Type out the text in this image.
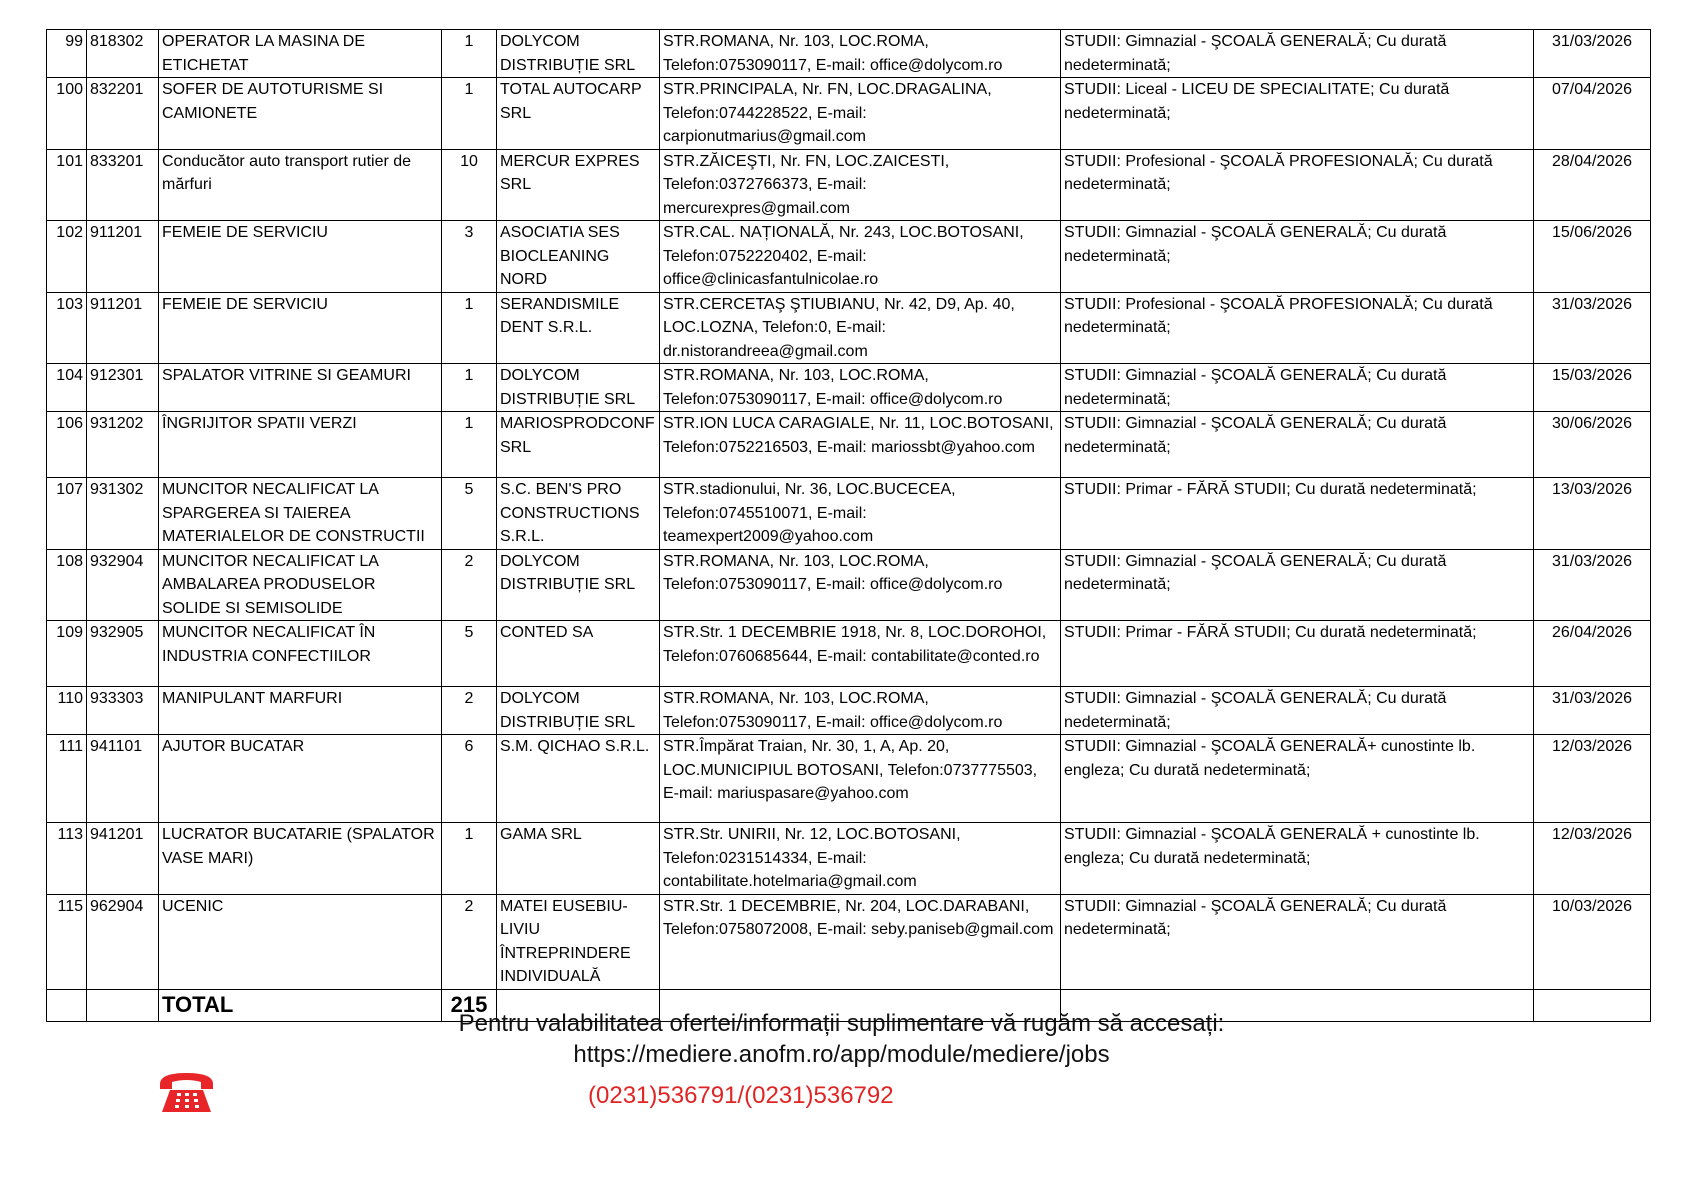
99	818302	OPERATOR LA MASINA DE ETICHETAT	1	DOLYCOM DISTRIBUȚIE SRL	STR.ROMANA, Nr. 103, LOC.ROMA, Telefon:0753090117, E-mail: office@dolycom.ro	STUDII: Gimnazial - ŞCOALĂ GENERALĂ; Cu durată nedeterminată;	31/03/2026
100	832201	SOFER DE AUTOTURISME SI CAMIONETE	1	TOTAL AUTOCARP SRL	STR.PRINCIPALA, Nr. FN, LOC.DRAGALINA, Telefon:0744228522, E-mail: carpionutmarius@gmail.com	STUDII: Liceal - LICEU DE SPECIALITATE; Cu durată nedeterminată;	07/04/2026
101	833201	Conducător auto transport rutier de mărfuri	10	MERCUR EXPRES SRL	STR.ZĂICEŞTI, Nr. FN, LOC.ZAICESTI, Telefon:0372766373, E-mail: mercurexpres@gmail.com	STUDII: Profesional - ŞCOALĂ PROFESIONALĂ; Cu durată nedeterminată;	28/04/2026
102	911201	FEMEIE DE SERVICIU	3	ASOCIATIA SES BIOCLEANING NORD	STR.CAL. NAȚIONALĂ, Nr. 243, LOC.BOTOSANI, Telefon:0752220402, E-mail: office@clinicasfantulnicolae.ro	STUDII: Gimnazial - ŞCOALĂ GENERALĂ; Cu durată nedeterminată;	15/06/2026
103	911201	FEMEIE DE SERVICIU	1	SERANDISMILE DENT S.R.L.	STR.CERCETAŞ ŞTIUBIANU, Nr. 42, D9, Ap. 40, LOC.LOZNA, Telefon:0, E-mail: dr.nistorandreea@gmail.com	STUDII: Profesional - ŞCOALĂ PROFESIONALĂ; Cu durată nedeterminată;	31/03/2026
104	912301	SPALATOR VITRINE SI GEAMURI	1	DOLYCOM DISTRIBUȚIE SRL	STR.ROMANA, Nr. 103, LOC.ROMA, Telefon:0753090117, E-mail: office@dolycom.ro	STUDII: Gimnazial - ŞCOALĂ GENERALĂ; Cu durată nedeterminată;	15/03/2026
106	931202	ÎNGRIJITOR SPATII VERZI	1	MARIOSPRODCONF SRL	STR.ION LUCA CARAGIALE, Nr. 11, LOC.BOTOSANI, Telefon:0752216503, E-mail: mariossbt@yahoo.com	STUDII: Gimnazial - ŞCOALĂ GENERALĂ; Cu durată nedeterminată;	30/06/2026
107	931302	MUNCITOR NECALIFICAT LA SPARGEREA SI TAIEREA MATERIALELOR DE CONSTRUCTII	5	S.C. BEN'S PRO CONSTRUCTIONS S.R.L.	STR.stadionului, Nr. 36, LOC.BUCECEA, Telefon:0745510071, E-mail: teamexpert2009@yahoo.com	STUDII: Primar - FĂRĂ STUDII; Cu durată nedeterminată;	13/03/2026
108	932904	MUNCITOR NECALIFICAT LA AMBALAREA PRODUSELOR SOLIDE SI SEMISOLIDE	2	DOLYCOM DISTRIBUȚIE SRL	STR.ROMANA, Nr. 103, LOC.ROMA, Telefon:0753090117, E-mail: office@dolycom.ro	STUDII: Gimnazial - ŞCOALĂ GENERALĂ; Cu durată nedeterminată;	31/03/2026
109	932905	MUNCITOR NECALIFICAT ÎN INDUSTRIA CONFECTIILOR	5	CONTED SA	STR.Str. 1 DECEMBRIE 1918, Nr. 8, LOC.DOROHOI, Telefon:0760685644, E-mail: contabilitate@conted.ro	STUDII: Primar - FĂRĂ STUDII; Cu durată nedeterminată;	26/04/2026
110	933303	MANIPULANT MARFURI	2	DOLYCOM DISTRIBUȚIE SRL	STR.ROMANA, Nr. 103, LOC.ROMA, Telefon:0753090117, E-mail: office@dolycom.ro	STUDII: Gimnazial - ŞCOALĂ GENERALĂ; Cu durată nedeterminată;	31/03/2026
111	941101	AJUTOR BUCATAR	6	S.M. QICHAO S.R.L.	STR.Împărat Traian, Nr. 30, 1, A, Ap. 20, LOC.MUNICIPIUL BOTOSANI, Telefon:0737775503, E-mail: mariuspasare@yahoo.com	STUDII: Gimnazial - ŞCOALĂ GENERALĂ+ cunostinte lb. engleza; Cu durată nedeterminată;	12/03/2026
113	941201	LUCRATOR BUCATARIE (SPALATOR VASE MARI)	1	GAMA SRL	STR.Str. UNIRII, Nr. 12, LOC.BOTOSANI, Telefon:0231514334, E-mail: contabilitate.hotelmaria@gmail.com	STUDII: Gimnazial - ŞCOALĂ GENERALĂ + cunostinte lb. engleza; Cu durată nedeterminată;	12/03/2026
115	962904	UCENIC	2	MATEI EUSEBIU-LIVIU ÎNTREPRINDERE INDIVIDUALĂ	STR.Str. 1 DECEMBRIE, Nr. 204, LOC.DARABANI, Telefon:0758072008, E-mail: seby.paniseb@gmail.com	STUDII: Gimnazial - ŞCOALĂ GENERALĂ; Cu durată nedeterminată;	10/03/2026
		TOTAL	215				
Pentru valabilitatea ofertei/informații suplimentare vă rugăm să accesați:
https://mediere.anofm.ro/app/module/mediere/jobs
(0231)536791/(0231)536792
